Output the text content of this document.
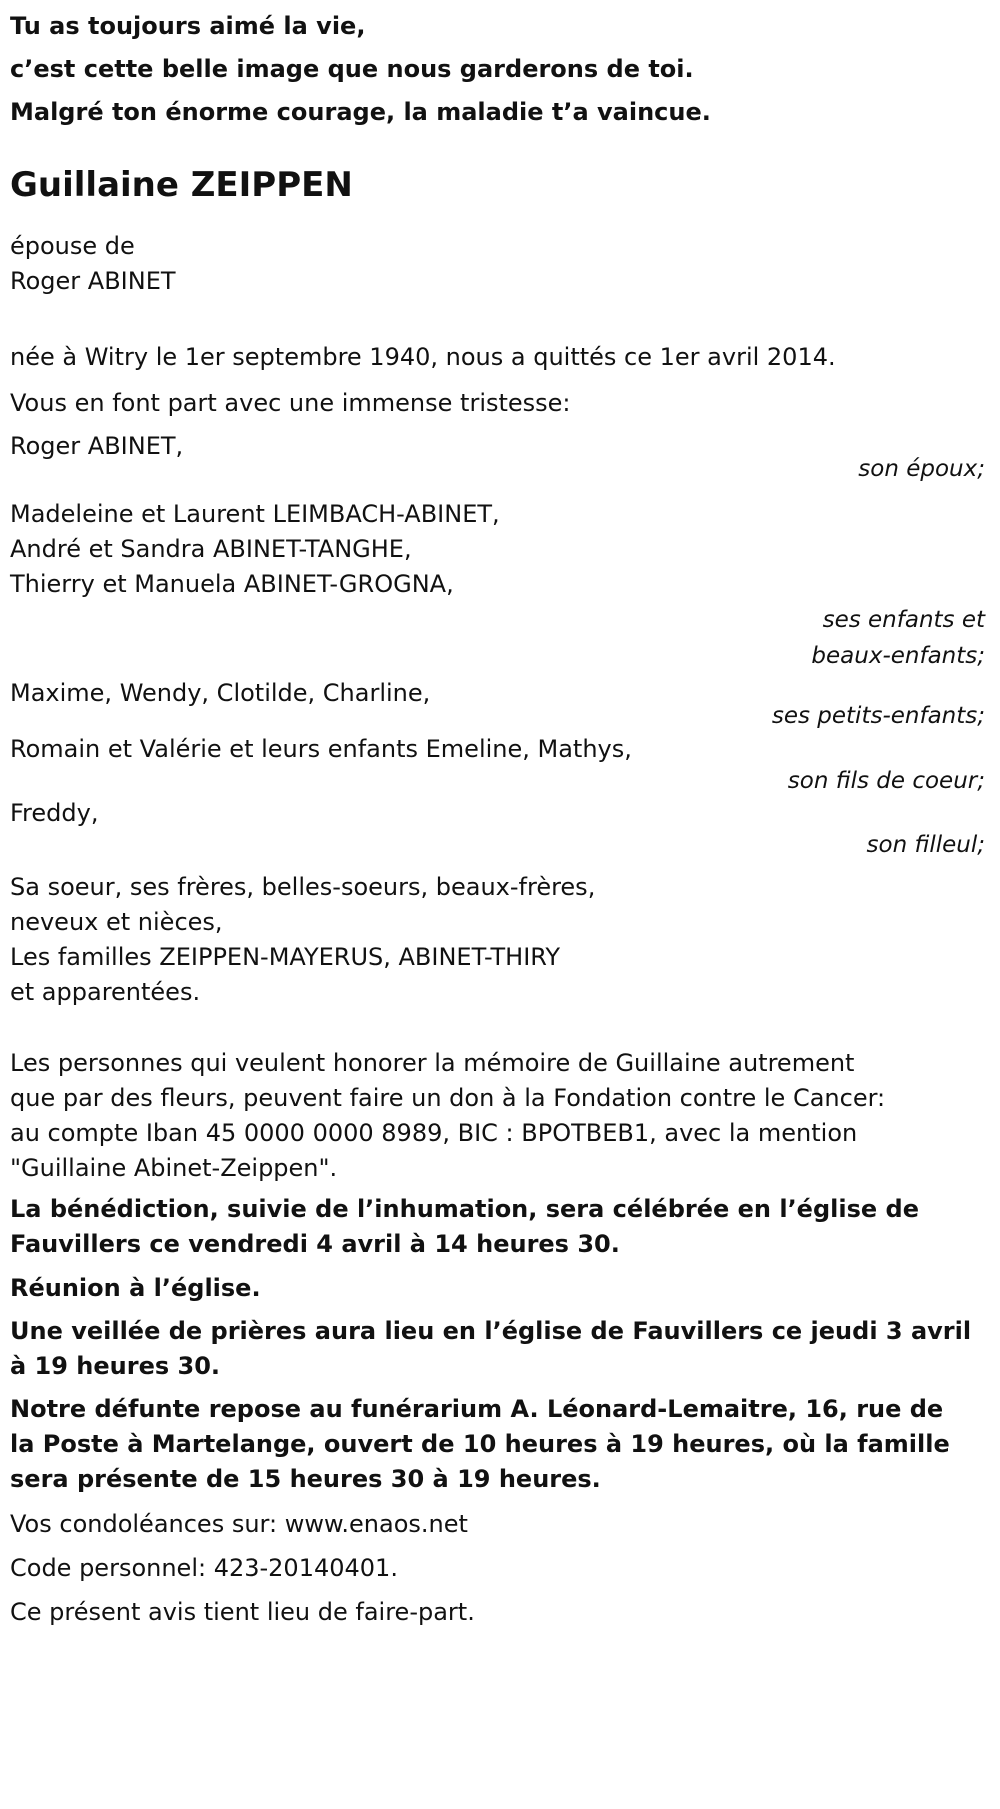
Tu as toujours aimé la vie,

c’est cette belle image que nous garderons de toi.

Malgré ton énorme courage, la maladie t’a vaincue.

Guillaine ZEIPPEN
épouse de
Roger ABINET

née à Witry le 1er septembre 1940, nous a quittés ce 1er avril 2014.

Vous en font part avec une immense tristesse:

Roger ABINET,
son époux;
Madeleine et Laurent LEIMBACH-ABINET,
André et Sandra ABINET-TANGHE,
Thierry et Manuela ABINET-GROGNA,
ses enfants et
beaux-enfants;
Maxime, Wendy, Clotilde, Charline,
ses petits-enfants;
Romain et Valérie et leurs enfants Emeline, Mathys,
son fils de coeur;
Freddy,
son filleul;
Sa soeur, ses frères, belles-soeurs, beaux-frères,
neveux et nièces,
Les familles ZEIPPEN-MAYERUS, ABINET-THIRY
et apparentées.
Les personnes qui veulent honorer la mémoire de Guillaine autrement
que par des fleurs, peuvent faire un don à la Fondation contre le Cancer:
au compte Iban 45 0000 0000 8989, BIC : BPOTBEB1, avec la mention
"Guillaine Abinet-Zeippen".
La bénédiction, suivie de l’inhumation, sera célébrée en l’église de
Fauvillers ce vendredi 4 avril à 14 heures 30.
Réunion à l’église.
Une veillée de prières aura lieu en l’église de Fauvillers ce jeudi 3 avril
à 19 heures 30.
Notre défunte repose au funérarium A. Léonard-Lemaitre, 16, rue de
la Poste à Martelange, ouvert de 10 heures à 19 heures, où la famille
sera présente de 15 heures 30 à 19 heures.

Vos condoléances sur: www.enaos.net

Code personnel: 423-20140401.

Ce présent avis tient lieu de faire-part.
